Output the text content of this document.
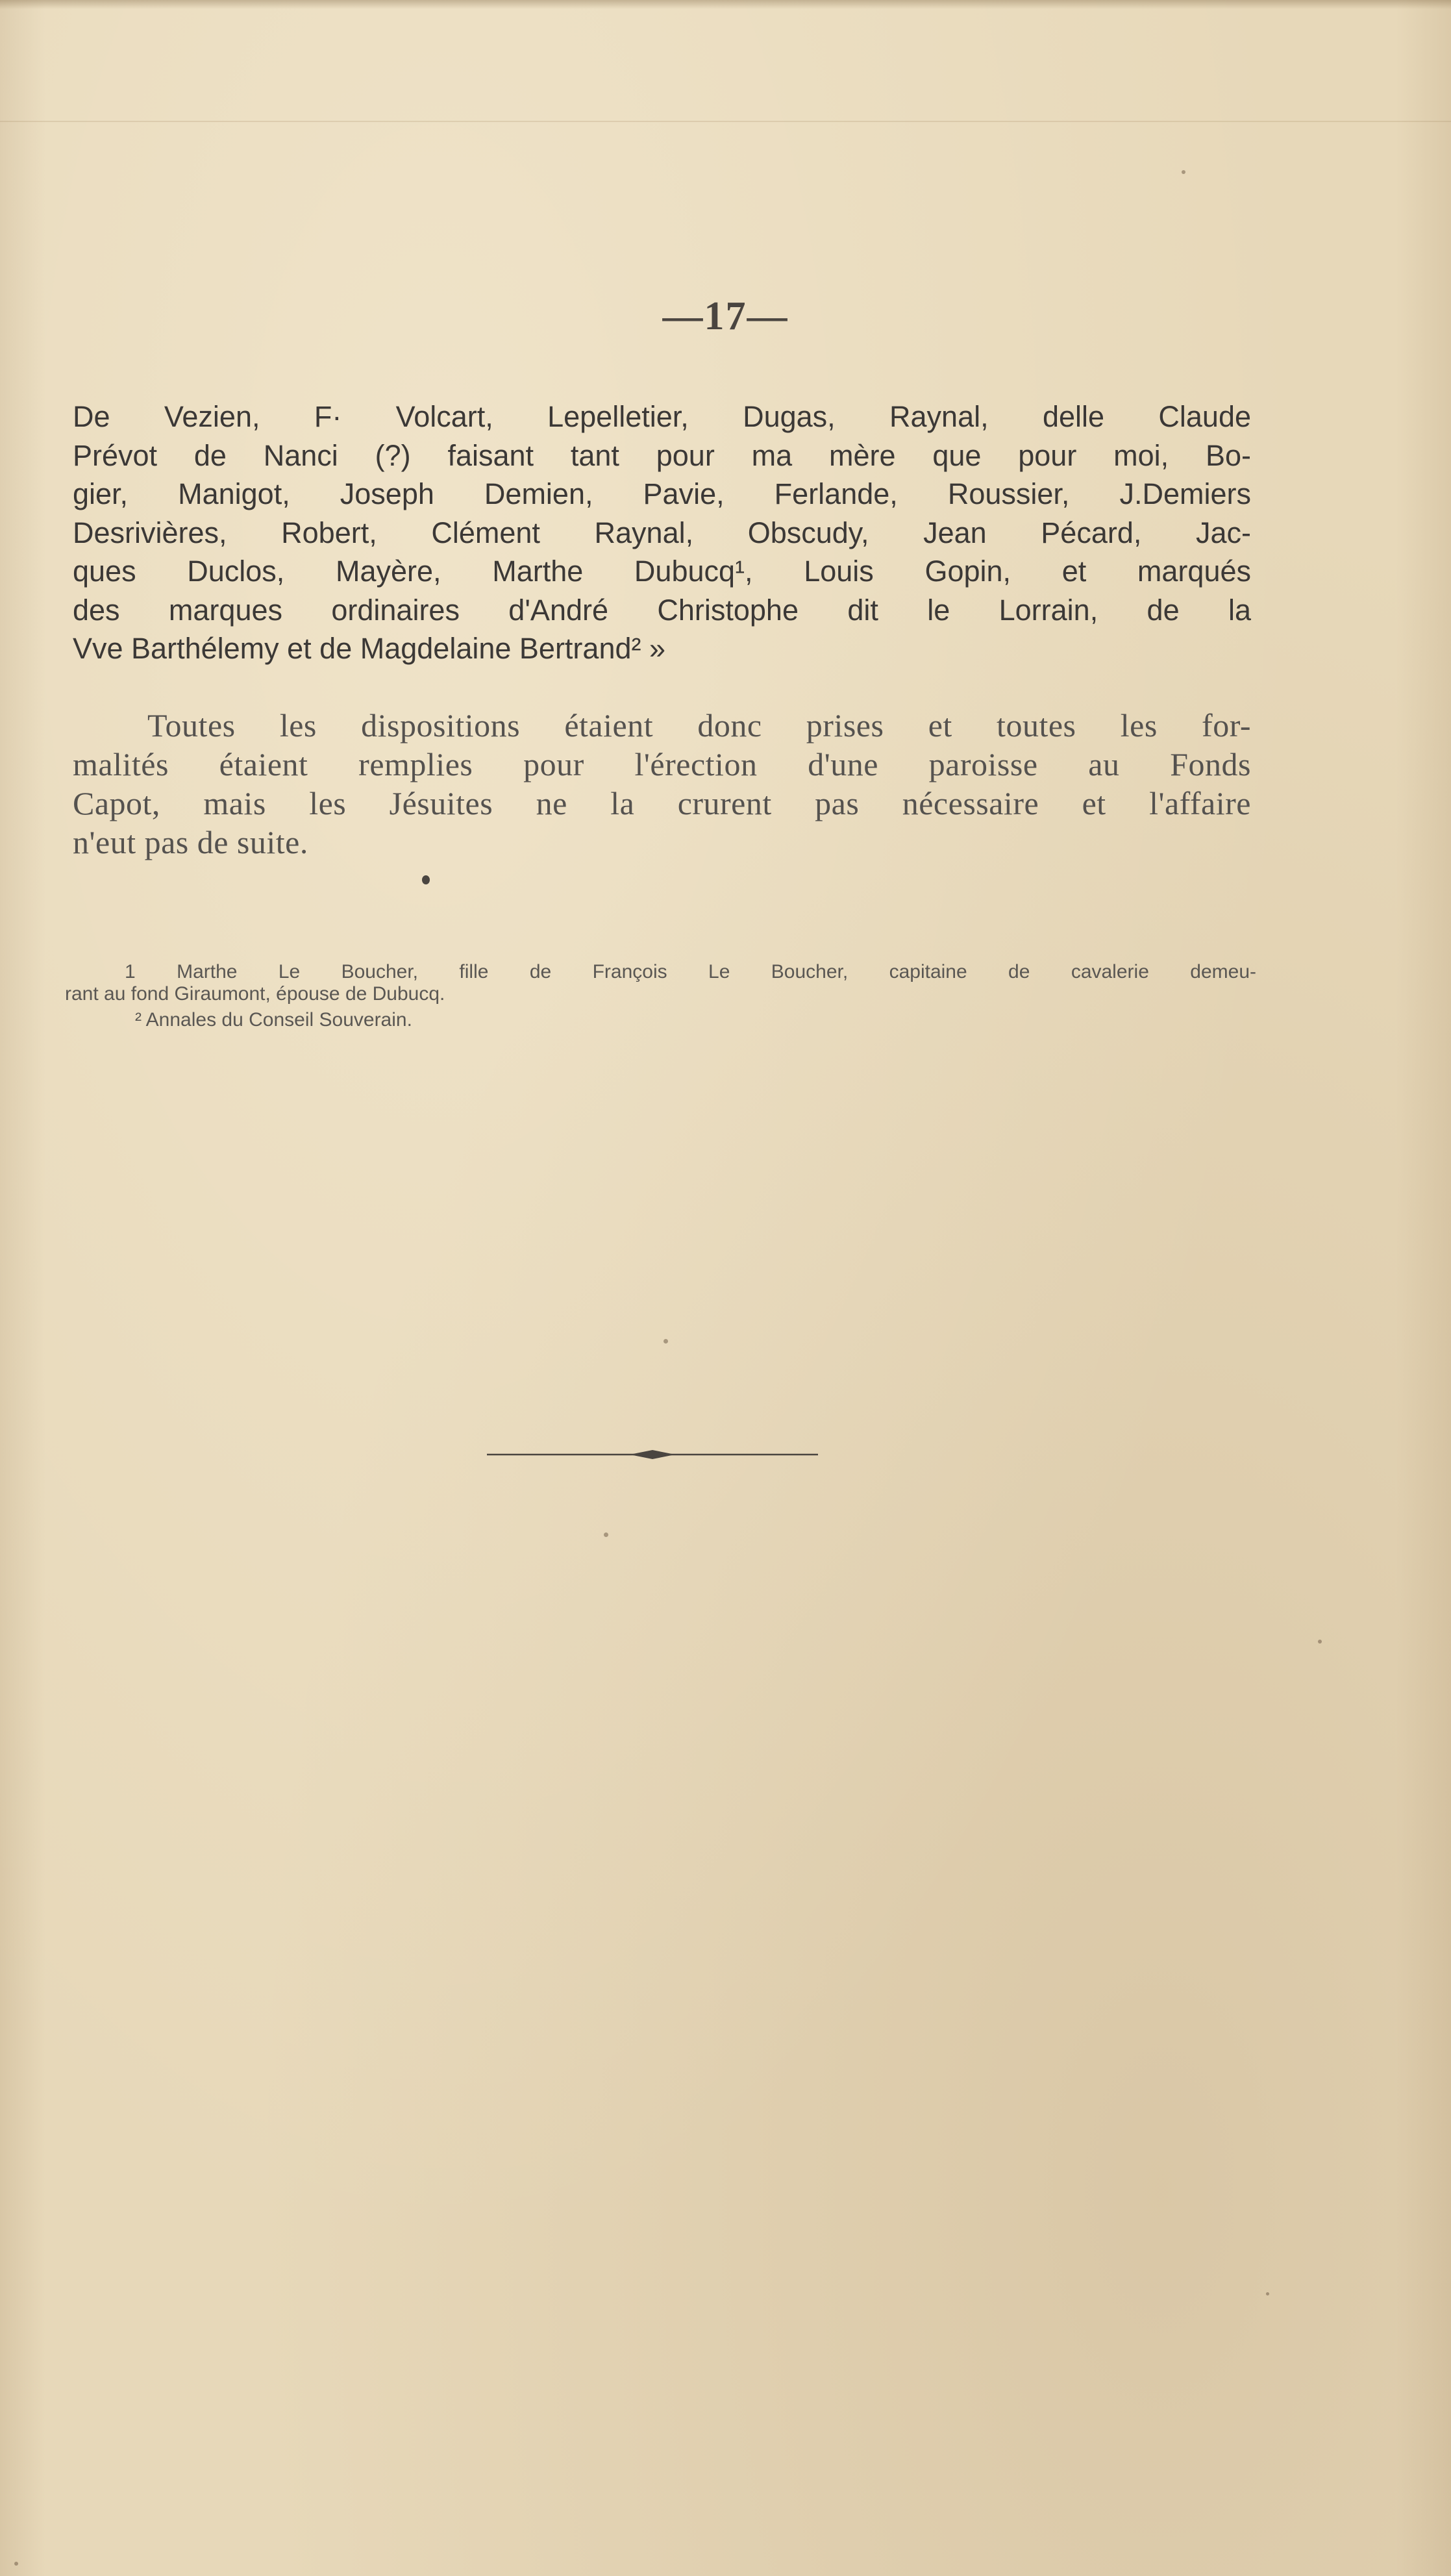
—17—
De Vezien, F· Volcart, Lepelletier, Dugas, Raynal, delle Claude
Prévot de Nanci (?) faisant tant pour ma mère que pour moi, Bo-
gier, Manigot, Joseph Demien, Pavie, Ferlande, Roussier, J.Demiers
Desrivières, Robert, Clément Raynal, Obscudy, Jean Pécard, Jac-
ques Duclos, Mayère, Marthe Dubucq¹, Louis Gopin, et marqués
des marques ordinaires d'André Christophe dit le Lorrain, de la
Vve Barthélemy et de Magdelaine Bertrand² »
Toutes les dispositions étaient donc prises et toutes les for-
malités étaient remplies pour l'érection d'une paroisse au Fonds
Capot, mais les Jésuites ne la crurent pas nécessaire et l'affaire
n'eut pas de suite.
1 Marthe Le Boucher, fille de François Le Boucher, capitaine de cavalerie demeu-
rant au fond Giraumont, épouse de Dubucq.
² Annales du Conseil Souverain.
